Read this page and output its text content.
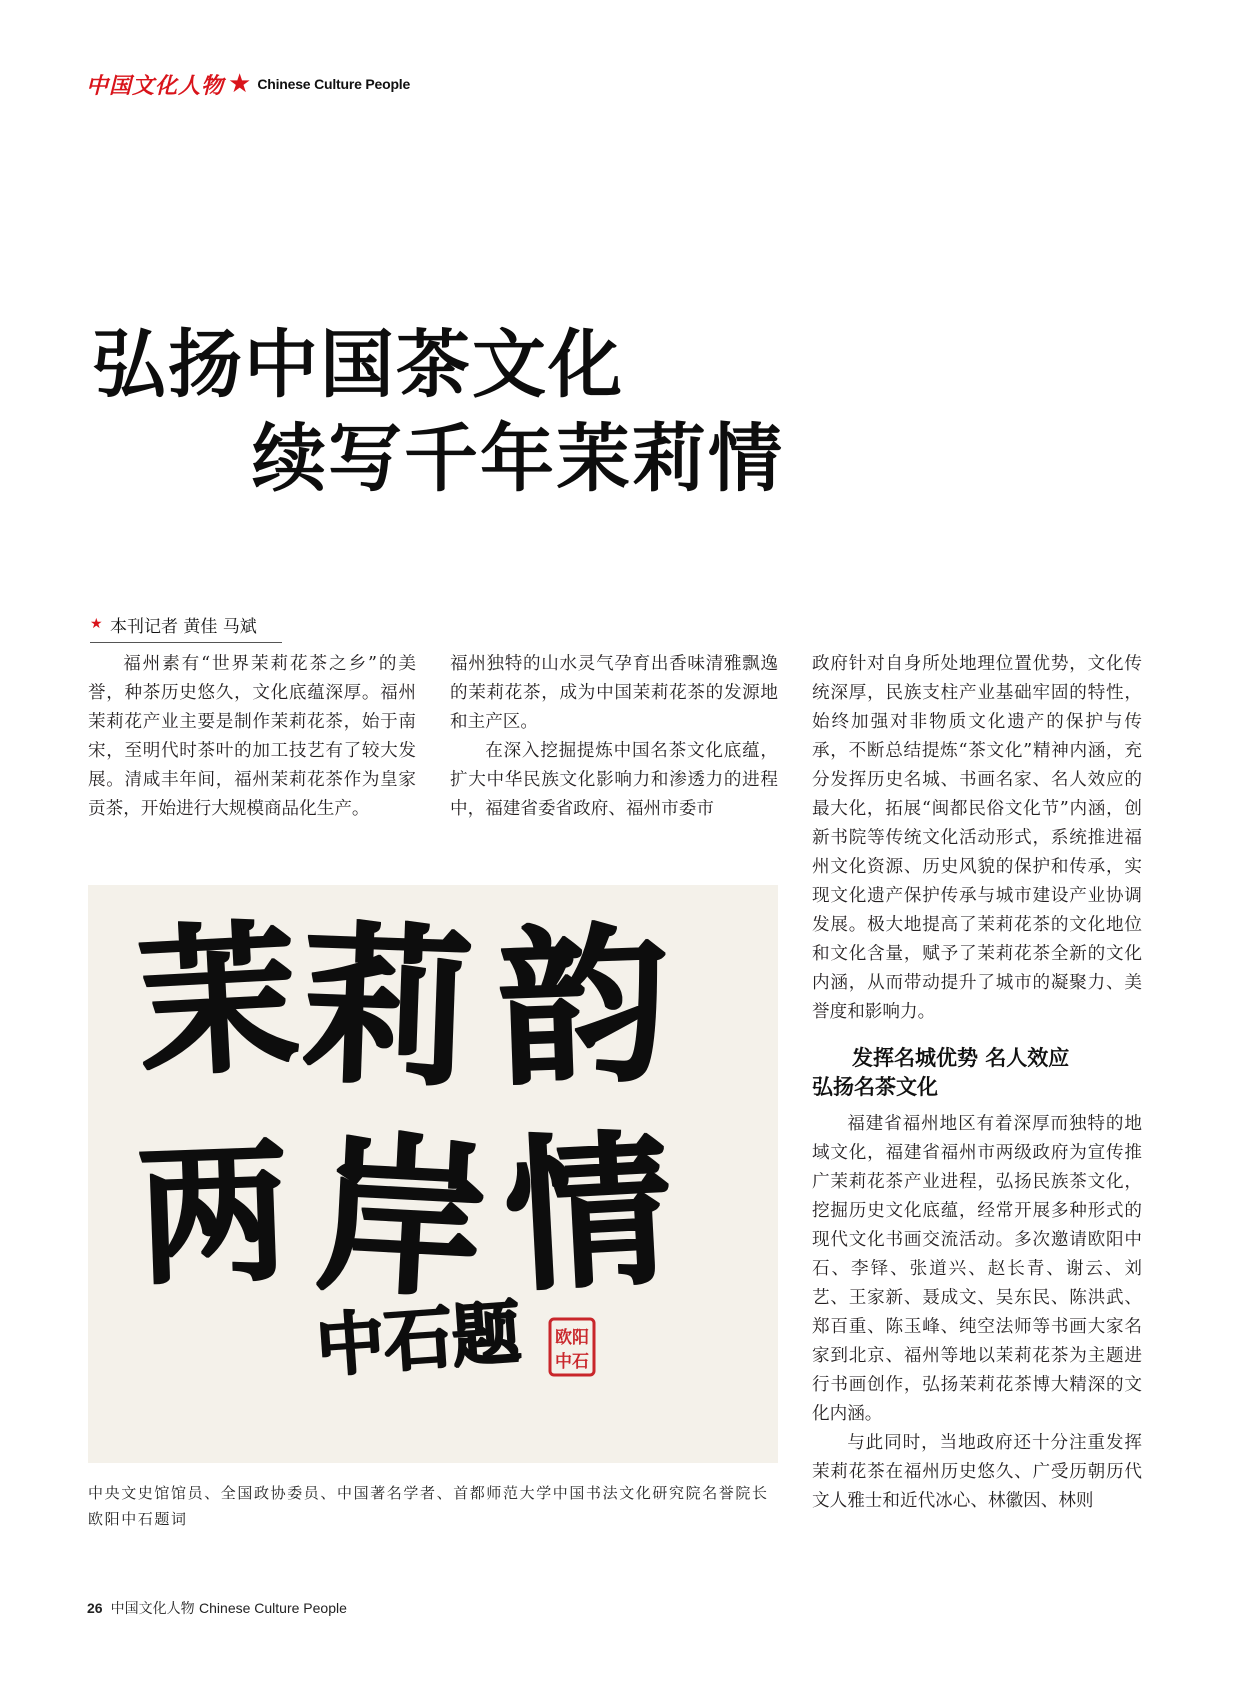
中国文化人物 ★ Chinese Culture People
弘扬中国茶文化
续写千年茉莉情
★ 本刊记者 黄佳 马斌

福州素有“世界茉莉花茶之乡”的美誉，种茶历史悠久，文化底蕴深厚。福州茉莉花产业主要是制作茉莉花茶，始于南宋，至明代时茶叶的加工技艺有了较大发展。清咸丰年间，福州茉莉花茶作为皇家贡茶，开始进行大规模商品化生产。

福州独特的山水灵气孕育出香味清雅飘逸的茉莉花茶，成为中国茉莉花茶的发源地和主产区。

在深入挖掘提炼中国名茶文化底蕴，扩大中华民族文化影响力和渗透力的进程中，福建省委省政府、福州市委市

政府针对自身所处地理位置优势，文化传统深厚，民族支柱产业基础牢固的特性，始终加强对非物质文化遗产的保护与传承，不断总结提炼“茶文化”精神内涵，充分发挥历史名城、书画名家、名人效应的最大化，拓展“闽都民俗文化节”内涵，创新书院等传统文化活动形式，系统推进福州文化资源、历史风貌的保护和传承，实现文化遗产保护传承与城市建设产业协调发展。极大地提高了茉莉花茶的文化地位和文化含量，赋予了茉莉花茶全新的文化内涵，从而带动提升了城市的凝聚力、美誉度和影响力。

发挥名城优势 名人效应
弘扬名茶文化

福建省福州地区有着深厚而独特的地域文化，福建省福州市两级政府为宣传推广茉莉花茶产业进程，弘扬民族茶文化，挖掘历史文化底蕴，经常开展多种形式的现代文化书画交流活动。多次邀请欧阳中石、李铎、张道兴、赵长青、谢云、刘艺、王家新、聂成文、吴东民、陈洪武、郑百重、陈玉峰、纯空法师等书画大家名家到北京、福州等地以茉莉花茶为主题进行书画创作，弘扬茉莉花茶博大精深的文化内涵。

与此同时，当地政府还十分注重发挥茉莉花茶在福州历史悠久、广受历朝历代文人雅士和近代冰心、林徽因、林则

茉
莉 韵
两 岸 情
中石题 欧阳
中石
中央文史馆馆员、全国政协委员、中国著名学者、首都师范大学中国书法文化研究院名誉院长欧阳中石题词
26 中国文化人物 Chinese Culture People
